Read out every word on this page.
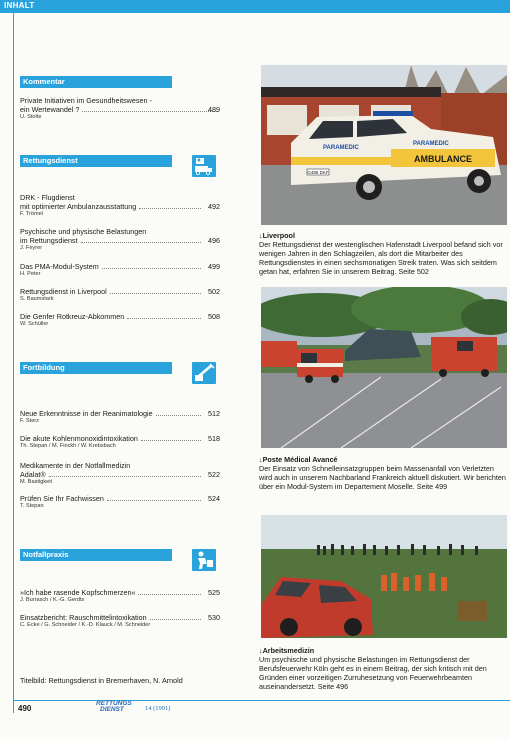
INHALT
Kommentar
Private Initiativen im Gesundheitswesen -
ein Wertewandel ?
U. Stolte
489
Rettungsdienst
DRK - Flugdienst
mit optimierter Ambulanzausstattung	492
F. Trömel
Psychische und physische Belastungen
im Rettungsdienst	496
J. Feyrer
Das PMA-Modul-System	499
H. Peter
Rettungsdienst in Liverpool	502
S. Baumstark
Die Genfer Rotkreuz-Abkommen	508
W. Schüller
Fortbildung
Neue Erkenntnisse in der Reanimatologie	512
F. Sterz
Die akute Kohlenmonoxidintoxikation	518
Th. Stepan / M. Finckh / W. Krebsbach
Medikamente in der Notfallmedizin
Adalat®	522
M. Bastigkeit
Prüfen Sie Ihr Fachwissen	524
T. Stepan
Notfallpraxis
»Ich habe rasende Kopfschmerzen«	525
J. Burrasch / K.-G. Gerdts
Einsatzbericht: Rauschmittelintoxikation	530
C. Ecke / G. Schneider / K.-D. Klauck / M. Schneider
Titelbild: Rettungsdienst in Bremerhaven, N. Arnold
AMBULANCE
PARAMEDIC
PARAMEDIC
G488 DKF
↓ Liverpool
Der Rettungsdienst der westenglischen Hafenstadt Liverpool befand sich vor wenigen Jahren in den Schlagzeilen, als dort die Mitarbeiter des Rettungsdienstes in einen sechsmonatigen Streik traten. Was sich seitdem getan hat, erfahren Sie in unserem Beitrag. Seite 502
↓ Poste Médical Avancé
Der Einsatz von Schnelleinsatzgruppen beim Massenanfall von Verletzten wird auch in unserem Nachbarland Frankreich aktuell diskutiert. Wir berichten über ein Modul-System im Departement Moselle. Seite 499
↓ Arbeitsmedizin
Um psychische und physische Belastungen im Rettungsdienst der Berufsfeuerwehr Köln geht es in einem Beitrag, der sich kritisch mit den Gründen einer vorzeitigen Zurruhesetzung von Feuerwehrbeamten auseinandersetzt. Seite 496
490
RETTUNGS
DIENST	14 (1991)
